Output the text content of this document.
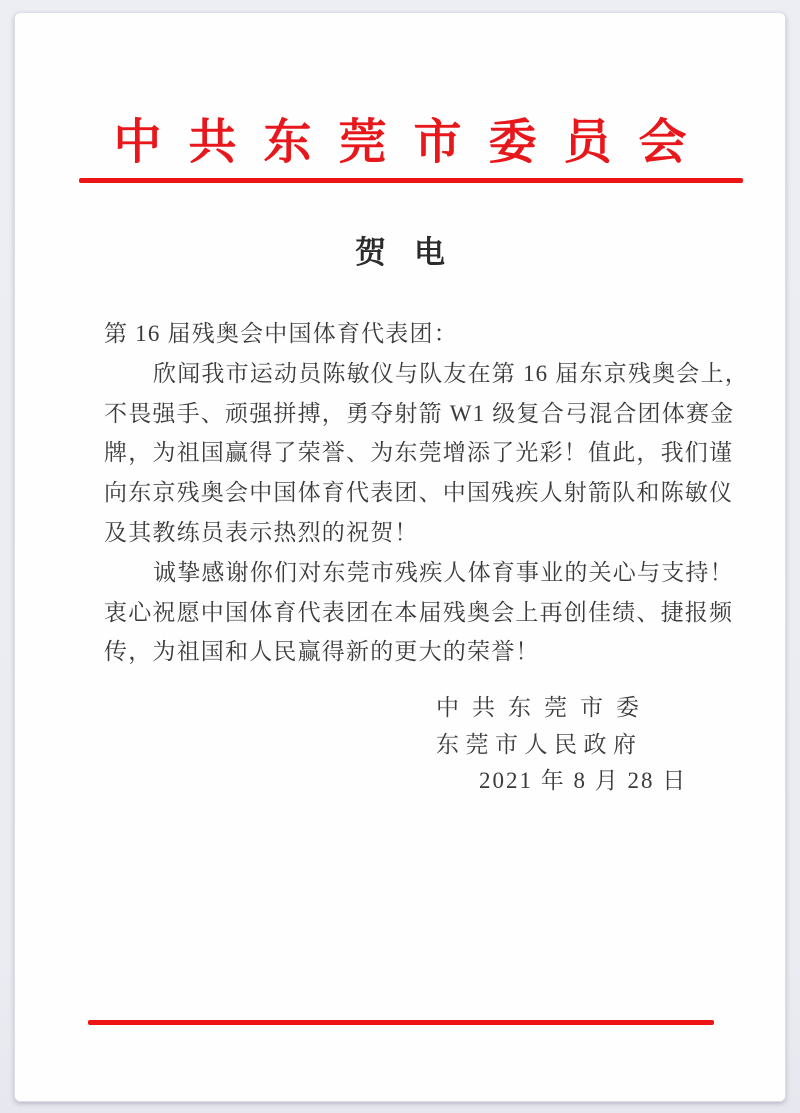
中共东莞市委员会
贺电
第 16 届残奥会中国体育代表团：
欣闻我市运动员陈敏仪与队友在第 16 届东京残奥会上，
不畏强手、顽强拼搏，勇夺射箭 W1 级复合弓混合团体赛金
牌，为祖国赢得了荣誉、为东莞增添了光彩！值此，我们谨
向东京残奥会中国体育代表团、中国残疾人射箭队和陈敏仪
及其教练员表示热烈的祝贺！
诚挚感谢你们对东莞市残疾人体育事业的关心与支持！
衷心祝愿中国体育代表团在本届残奥会上再创佳绩、捷报频
传，为祖国和人民赢得新的更大的荣誉！
中共东莞市委
东莞市人民政府
2021 年 8 月 28 日
